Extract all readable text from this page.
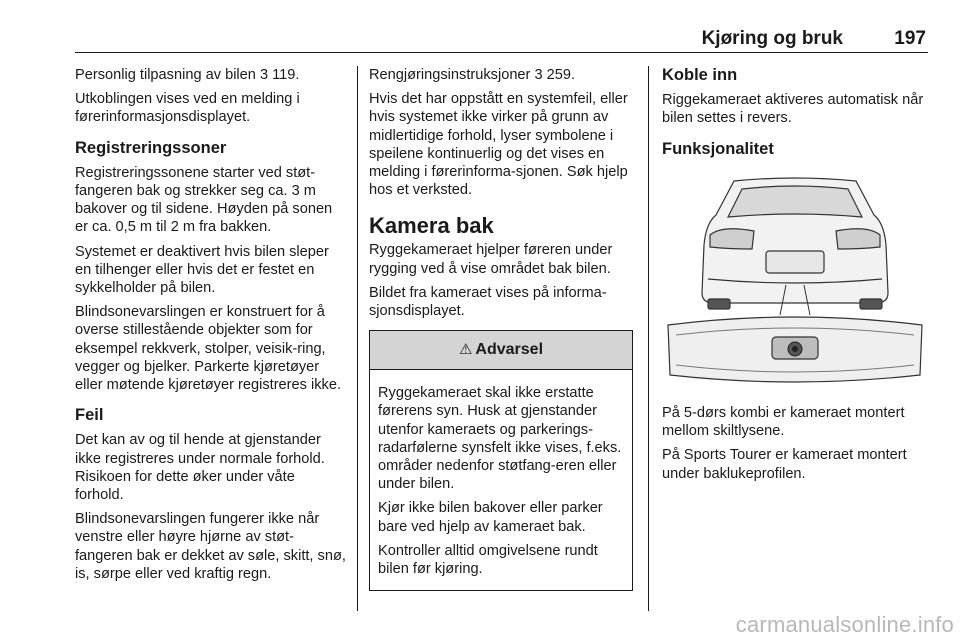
Kjøring og bruk	197

Personlig tilpasning av bilen 3 119.

Utkoblingen vises ved en melding i førerinformasjonsdisplayet.

Registreringssoner

Registreringssonene starter ved støt-fangeren bak og strekker seg ca. 3 m bakover og til sidene. Høyden på sonen er ca. 0,5 m til 2 m fra bakken.

Systemet er deaktivert hvis bilen sleper en tilhenger eller hvis det er festet en sykkelholder på bilen.

Blindsonevarslingen er konstruert for å overse stillestående objekter som for eksempel rekkverk, stolper, veisik-ring, vegger og bjelker. Parkerte kjøretøyer eller møtende kjøretøyer registreres ikke.

Feil

Det kan av og til hende at gjenstander ikke registreres under normale forhold. Risikoen for dette øker under våte forhold.

Blindsonevarslingen fungerer ikke når venstre eller høyre hjørne av støt-fangeren bak er dekket av søle, skitt, snø, is, sørpe eller ved kraftig regn.

Rengjøringsinstruksjoner 3 259.

Hvis det har oppstått en systemfeil, eller hvis systemet ikke virker på grunn av midlertidige forhold, lyser symbolene i speilene kontinuerlig og det vises en melding i førerinforma-sjonen. Søk hjelp hos et verksted.

Kamera bak

Ryggekameraet hjelper føreren under rygging ved å vise området bak bilen.

Bildet fra kameraet vises på informa-sjonsdisplayet.

⚠ Advarsel

Ryggekameraet skal ikke erstatte førerens syn. Husk at gjenstander utenfor kameraets og parkerings-radarfølerne synsfelt ikke vises, f.eks. områder nedenfor støtfang-eren eller under bilen.

Kjør ikke bilen bakover eller parker bare ved hjelp av kameraet bak.

Kontroller alltid omgivelsene rundt bilen før kjøring.

Koble inn

Riggekameraet aktiveres automatisk når bilen settes i revers.

Funksjonalitet

På 5-dørs kombi er kameraet montert mellom skiltlysene.

På Sports Tourer er kameraet montert under baklukeprofilen.

carmanualsonline.info
